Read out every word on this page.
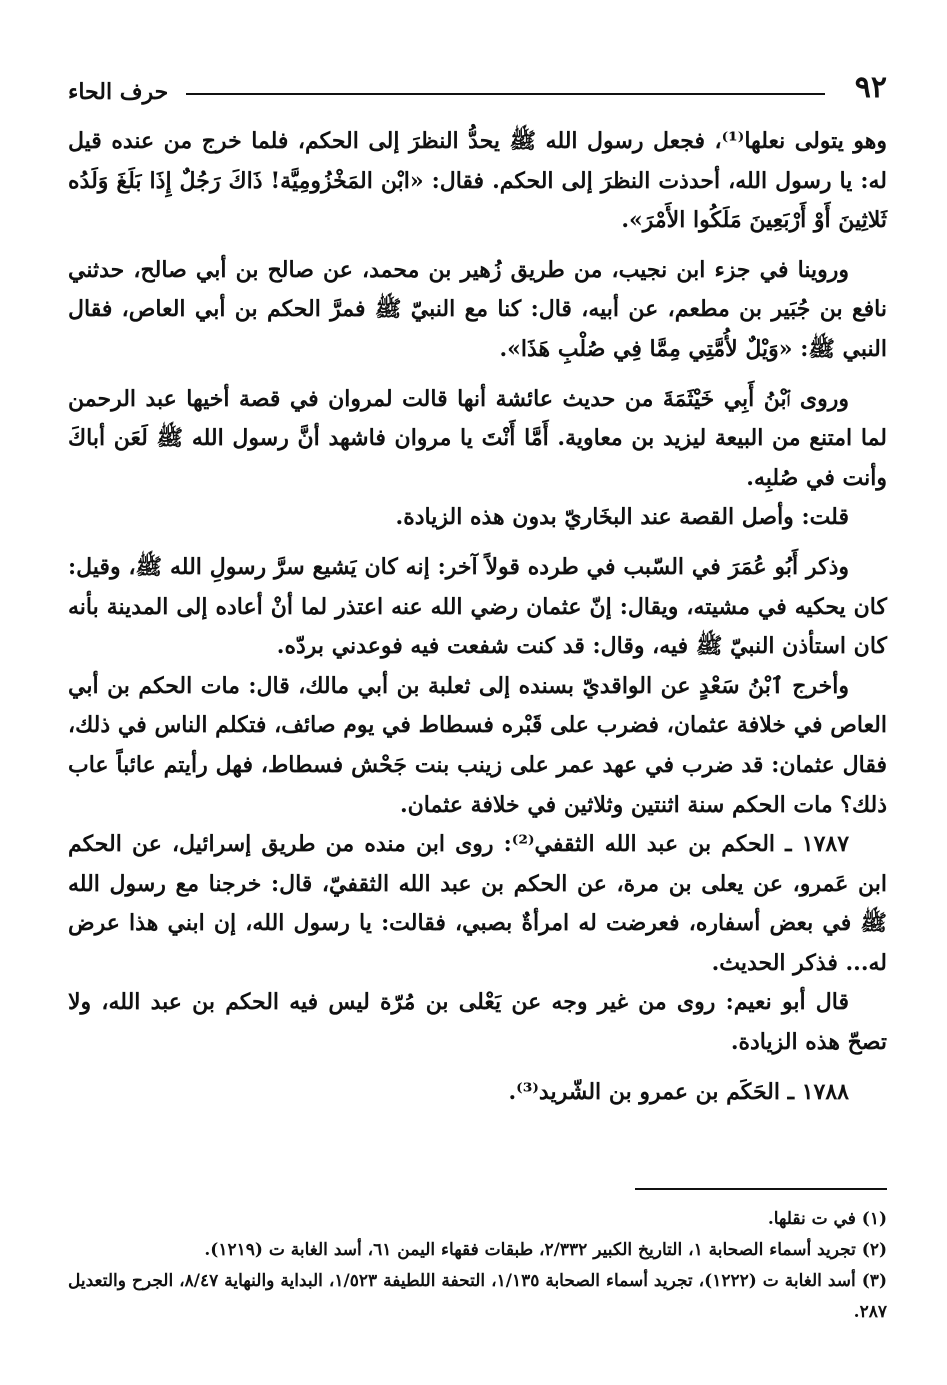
٩٢
حرف الحاء

وهو يتولى نعلها⁽¹⁾، فجعل رسول الله ﷺ يحدُّ النظرَ إلى الحكم، فلما خرج من عنده قيل له: يا رسول الله، أحدذت النظرَ إلى الحكم. فقال: «ابْن المَخْزُومِيَّة! ذَاكَ رَجُلٌ إِذَا بَلَغَ وَلَدُه ثَلاثِينَ أَوْ أَرْبَعِينَ مَلَكُوا الأَمْرَ».

وروينا في جزء ابن نجيب، من طريق زُهير بن محمد، عن صالح بن أبي صالح، حدثني نافع بن جُبَير بن مطعم، عن أبيه، قال: كنا مع النبيّ ﷺ فمرَّ الحكم بن أبي العاص، فقال النبي ﷺ: «وَيْلٌ لأُمَّتِي مِمَّا فِي صُلْبِ هَذَا».

وروى ٱبْنُ أَبِي خَيْثَمَةَ من حديث عائشة أنها قالت لمروان في قصة أخيها عبد الرحمن لما امتنع من البيعة ليزيد بن معاوية. أَمَّا أَنْتَ يا مروان فاشهد أنَّ رسول الله ﷺ لَعَن أباكَ وأنت في صُلبِه.

قلت: وأصل القصة عند البخَاريّ بدون هذه الزيادة.

وذكر أَبُو عُمَرَ في السّبب في طرده قولاً آخر: إنه كان يَشيع سرَّ رسولِ الله ﷺ، وقيل: كان يحكيه في مشيته، ويقال: إنّ عثمان رضي الله عنه اعتذر لما أنْ أعاده إلى المدينة بأنه كان استأذن النبيّ ﷺ فيه، وقال: قد كنت شفعت فيه فوعدني بردّه.

وأخرج ٱبْنُ سَعْدٍ عن الواقديّ بسنده إلى ثعلبة بن أبي مالك، قال: مات الحكم بن أبي العاص في خلافة عثمان، فضرب على قَبْره فسطاط في يوم صائف، فتكلم الناس في ذلك، فقال عثمان: قد ضرب في عهد عمر على زينب بنت جَحْش فسطاط، فهل رأيتم عائباً عاب ذلك؟ مات الحكم سنة اثنتين وثلاثين في خلافة عثمان.

١٧٨٧ ـ الحكم بن عبد الله الثقفي⁽²⁾: روى ابن منده من طريق إسرائيل، عن الحكم ابن عَمرو، عن يعلى بن مرة، عن الحكم بن عبد الله الثقفيّ، قال: خرجنا مع رسول الله ﷺ في بعض أسفاره، فعرضت له امرأةٌ بصبي، فقالت: يا رسول الله، إن ابني هذا عرض له... فذكر الحديث.

قال أبو نعيم: روى من غير وجه عن يَعْلى بن مُرّة ليس فيه الحكم بن عبد الله، ولا تصحّ هذه الزيادة.

١٧٨٨ ـ الحَكَم بن عمرو بن الشّريد⁽³⁾.

(١) في ت نقلها.

(٢) تجريد أسماء الصحابة ١، التاريخ الكبير ٢/٣٣٢، طبقات فقهاء اليمن ٦١، أسد الغابة ت (١٢١٩).

(٣) أسد الغابة ت (١٢٢٢)، تجريد أسماء الصحابة ١/١٣٥، التحفة اللطيفة ١/٥٢٣، البداية والنهاية ٨/٤٧، الجرح والتعديل ٢٨٧.
